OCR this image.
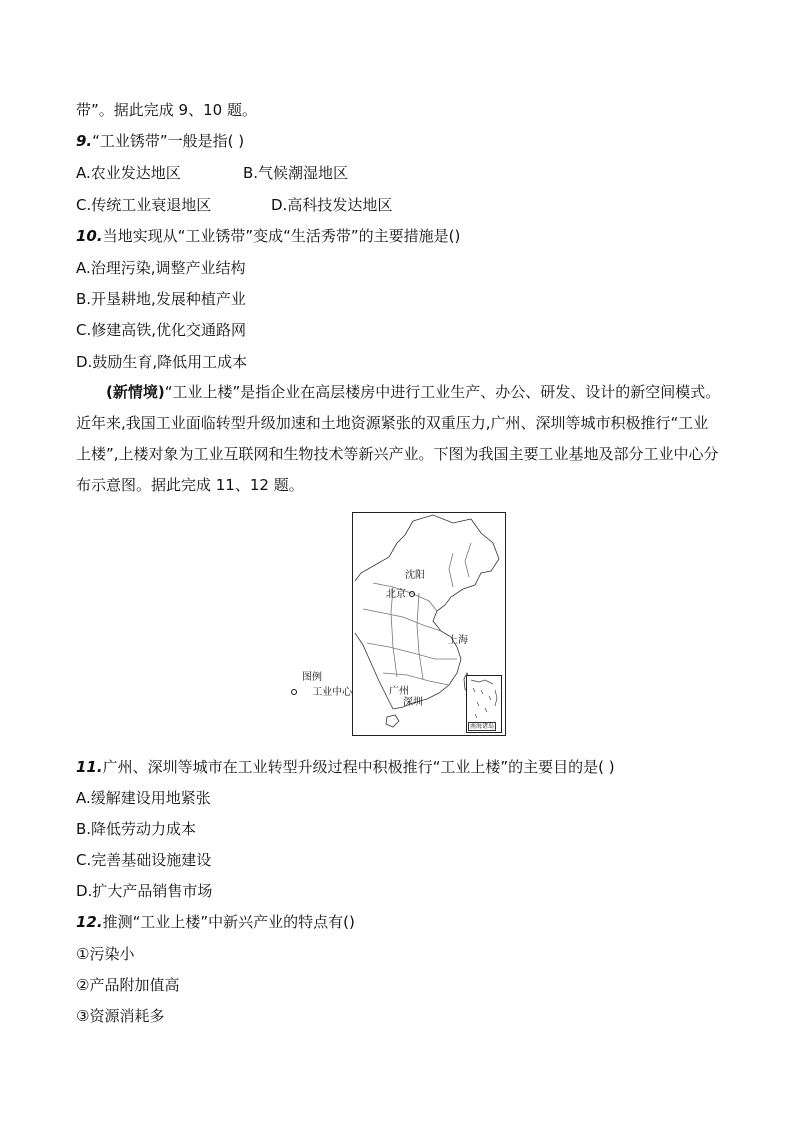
带”。据此完成 9、10 题。
9.“工业锈带”一般是指( )
A.农业发达地区	B.气候潮湿地区
C.传统工业衰退地区	D.高科技发达地区
10.当地实现从“工业锈带”变成“生活秀带”的主要措施是()
A.治理污染,调整产业结构
B.开垦耕地,发展种植产业
C.修建高铁,优化交通路网
D.鼓励生育,降低用工成本
(新情境)“工业上楼”是指企业在高层楼房中进行工业生产、办公、研发、设计的新空间模式。近年来,我国工业面临转型升级加速和土地资源紧张的双重压力,广州、深圳等城市积极推行“工业上楼”,上楼对象为工业互联网和生物技术等新兴产业。下图为我国主要工业基地及部分工业中心分布示意图。据此完成 11、12 题。
沈阳
北京
上海
广州
深圳
图例
工业中心
南海诸岛
11.广州、深圳等城市在工业转型升级过程中积极推行“工业上楼”的主要目的是( )
A.缓解建设用地紧张
B.降低劳动力成本
C.完善基础设施建设
D.扩大产品销售市场
12.推测“工业上楼”中新兴产业的特点有()
①污染小
②产品附加值高
③资源消耗多
